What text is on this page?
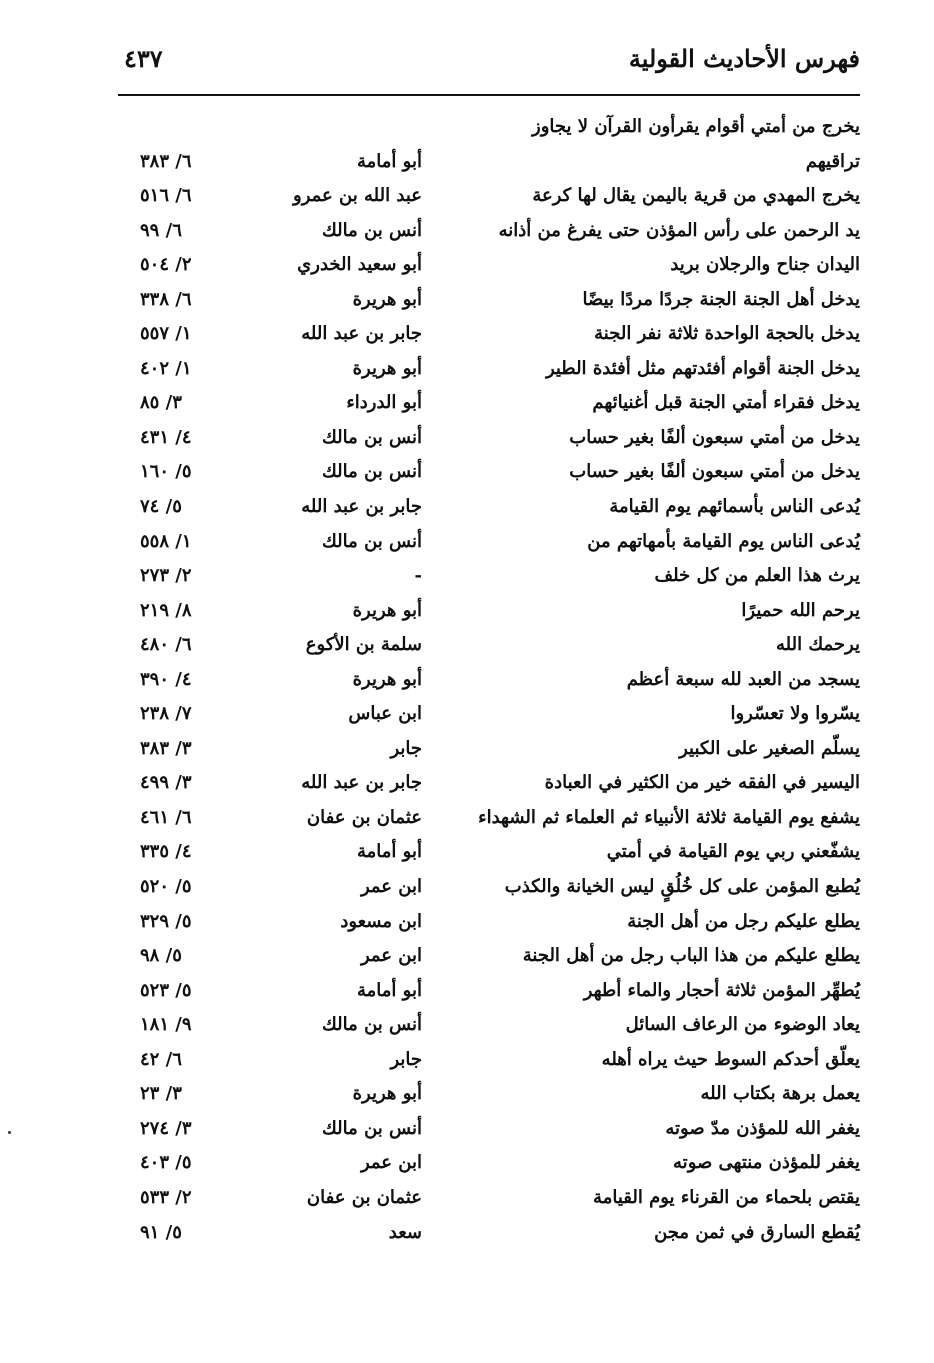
فهرس الأحاديث القولية
٤٣٧
يخرج من أمتي أقوام يقرأون القرآن لا يجاوز
تراقيهم
أبو أمامة
٦/ ٣٨٣
يخرج المهدي من قرية باليمن يقال لها كرعة
عبد الله بن عمرو
٦/ ٥١٦
يد الرحمن على رأس المؤذن حتى يفرغ من أذانه
أنس بن مالك
٦/ ٩٩
اليدان جناح والرجلان بريد
أبو سعيد الخدري
٢/ ٥٠٤
يدخل أهل الجنة الجنة جردًا مردًا بيضًا
أبو هريرة
٦/ ٣٣٨
يدخل بالحجة الواحدة ثلاثة نفر الجنة
جابر بن عبد الله
١/ ٥٥٧
يدخل الجنة أقوام أفئدتهم مثل أفئدة الطير
أبو هريرة
١/ ٤٠٢
يدخل فقراء أمتي الجنة قبل أغنيائهم
أبو الدرداء
٣/ ٨٥
يدخل من أمتي سبعون ألفًا بغير حساب
أنس بن مالك
٤/ ٤٣١
يدخل من أمتي سبعون ألفًا بغير حساب
أنس بن مالك
٥/ ١٦٠
يُدعى الناس بأسمائهم يوم القيامة
جابر بن عبد الله
٥/ ٧٤
يُدعى الناس يوم القيامة بأمهاتهم من
أنس بن مالك
١/ ٥٥٨
يرث هذا العلم من كل خلف
-
٢/ ٢٧٣
يرحم الله حميرًا
أبو هريرة
٨/ ٢١٩
يرحمك الله
سلمة بن الأكوع
٦/ ٤٨٠
يسجد من العبد لله سبعة أعظم
أبو هريرة
٤/ ٣٩٠
يسّروا ولا تعسّروا
ابن عباس
٧/ ٢٣٨
يسلّم الصغير على الكبير
جابر
٣/ ٣٨٣
اليسير في الفقه خير من الكثير في العبادة
جابر بن عبد الله
٣/ ٤٩٩
يشفع يوم القيامة ثلاثة الأنبياء ثم العلماء ثم الشهداء
عثمان بن عفان
٦/ ٤٦١
يشفّعني ربي يوم القيامة في أمتي
أبو أمامة
٤/ ٣٣٥
يُطبع المؤمن على كل خُلُقٍ ليس الخيانة والكذب
ابن عمر
٥/ ٥٢٠
يطلع عليكم رجل من أهل الجنة
ابن مسعود
٥/ ٣٢٩
يطلع عليكم من هذا الباب رجل من أهل الجنة
ابن عمر
٥/ ٩٨
يُطهِّر المؤمن ثلاثة أحجار والماء أطهر
أبو أمامة
٥/ ٥٢٣
يعاد الوضوء من الرعاف السائل
أنس بن مالك
٩/ ١٨١
يعلّق أحدكم السوط حيث يراه أهله
جابر
٦/ ٤٢
يعمل برهة بكتاب الله
أبو هريرة
٣/ ٢٣
يغفر الله للمؤذن مدّ صوته
أنس بن مالك
٣/ ٢٧٤
يغفر للمؤذن منتهى صوته
ابن عمر
٥/ ٤٠٣
يقتص بلحماء من القرناء يوم القيامة
عثمان بن عفان
٢/ ٥٣٣
يُقطع السارق في ثمن مجن
سعد
٥/ ٩١
